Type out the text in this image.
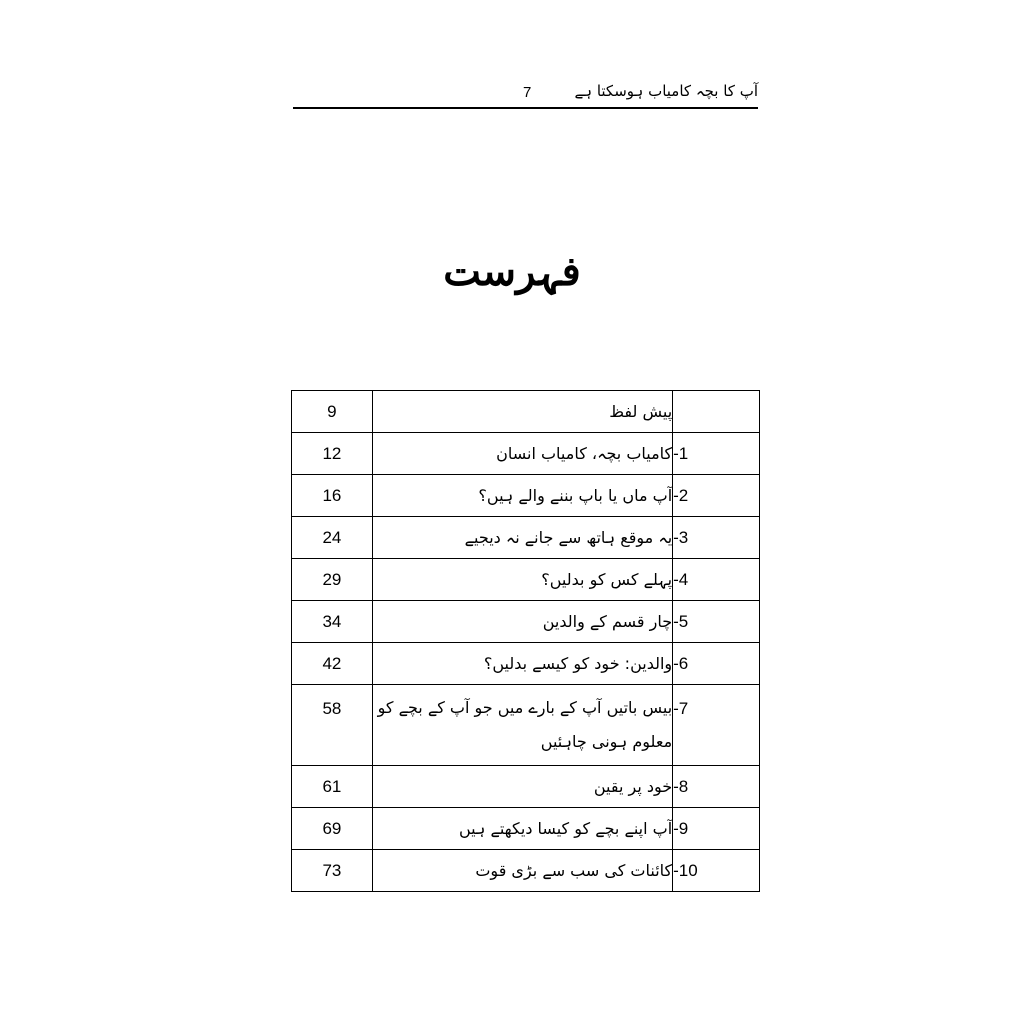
آپ کا بچہ کامیاب ہوسکتا ہے
7
فہرست
9	پیش لفظ	
12	کامیاب بچہ، کامیاب انسان	-1
16	آپ ماں یا باپ بننے والے ہیں؟	-2
24	یہ موقع ہاتھ سے جانے نہ دیجیے	-3
29	پہلے کس کو بدلیں؟	-4
34	چار قسم کے والدین	-5
42	والدین: خود کو کیسے بدلیں؟	-6
58	بیس باتیں آپ کے بارے میں جو آپ کے بچے کو معلوم ہونی چاہئیں	-7
61	خود پر یقین	-8
69	آپ اپنے بچے کو کیسا دیکھتے ہیں	-9
73	کائنات کی سب سے بڑی قوت	-10
